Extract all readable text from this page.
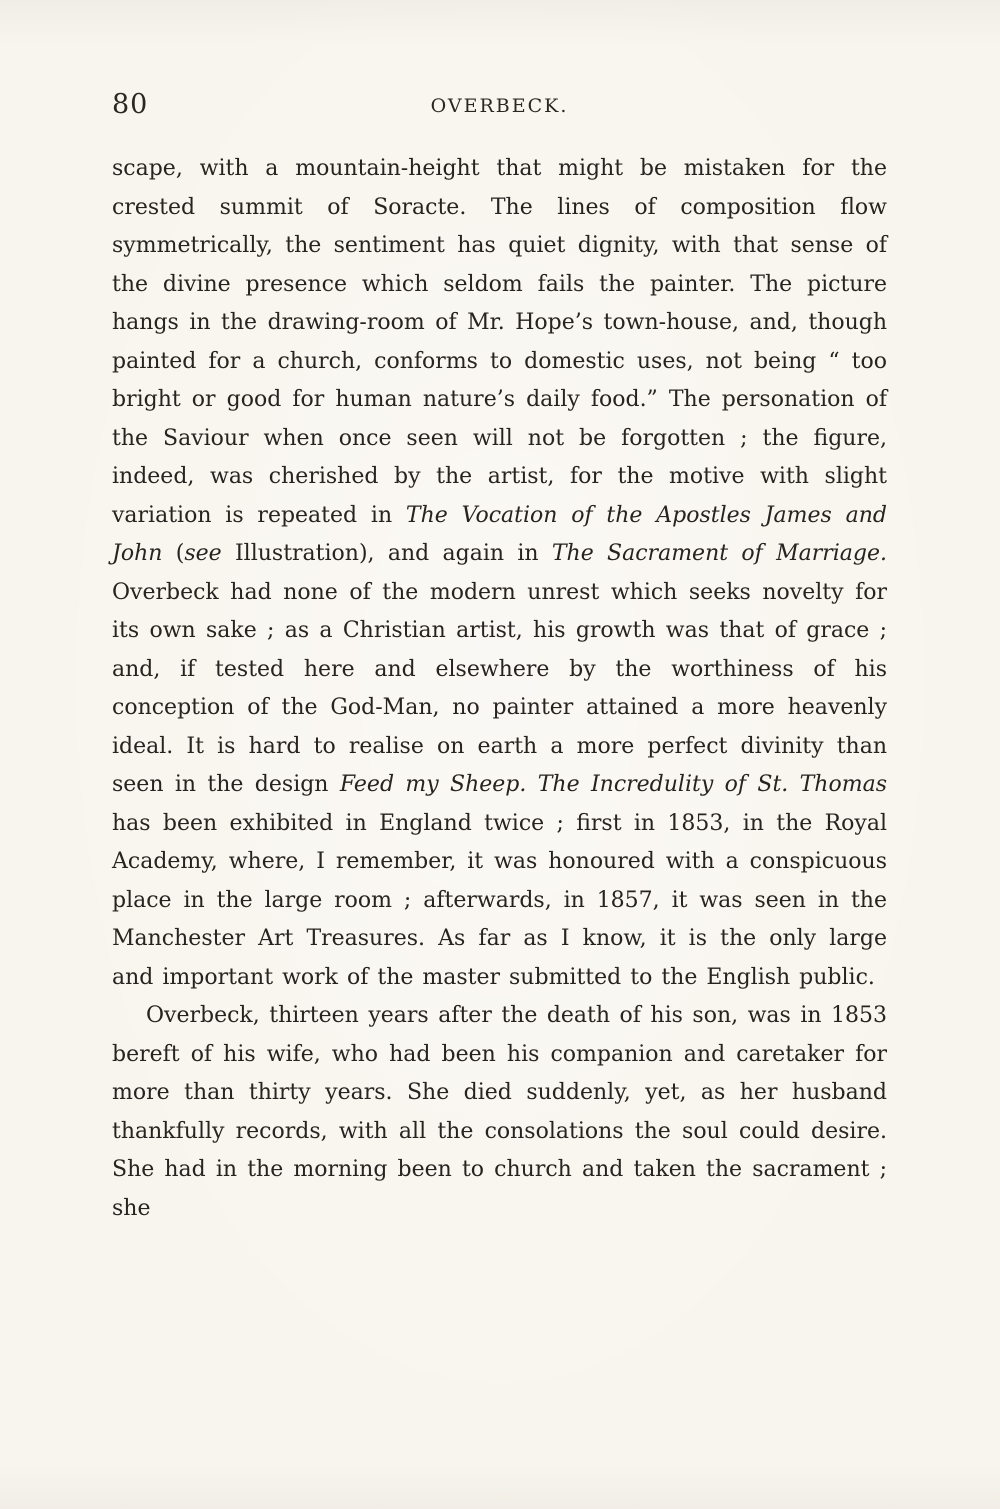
80	OVERBECK.

scape, with a mountain-height that might be mistaken for the crested summit of Soracte. The lines of composition flow symmetrically, the sentiment has quiet dignity, with that sense of the divine presence which seldom fails the painter. The picture hangs in the drawing-room of Mr. Hope’s town-house, and, though painted for a church, conforms to domestic uses, not being “ too bright or good for human nature’s daily food.” The personation of the Saviour when once seen will not be forgotten ; the figure, indeed, was cherished by the artist, for the motive with slight variation is repeated in The Vocation of the Apostles James and John (see Illustration), and again in The Sacrament of Marriage. Overbeck had none of the modern unrest which seeks novelty for its own sake ; as a Christian artist, his growth was that of grace ; and, if tested here and elsewhere by the worthiness of his conception of the God-Man, no painter attained a more heavenly ideal. It is hard to realise on earth a more perfect divinity than seen in the design Feed my Sheep. The Incredulity of St. Thomas has been exhibited in England twice ; first in 1853, in the Royal Academy, where, I remember, it was honoured with a conspicuous place in the large room ; afterwards, in 1857, it was seen in the Manchester Art Treasures. As far as I know, it is the only large and important work of the master submitted to the English public.

Overbeck, thirteen years after the death of his son, was in 1853 bereft of his wife, who had been his companion and caretaker for more than thirty years. She died suddenly, yet, as her husband thankfully records, with all the consolations the soul could desire. She had in the morning been to church and taken the sacrament ; she
